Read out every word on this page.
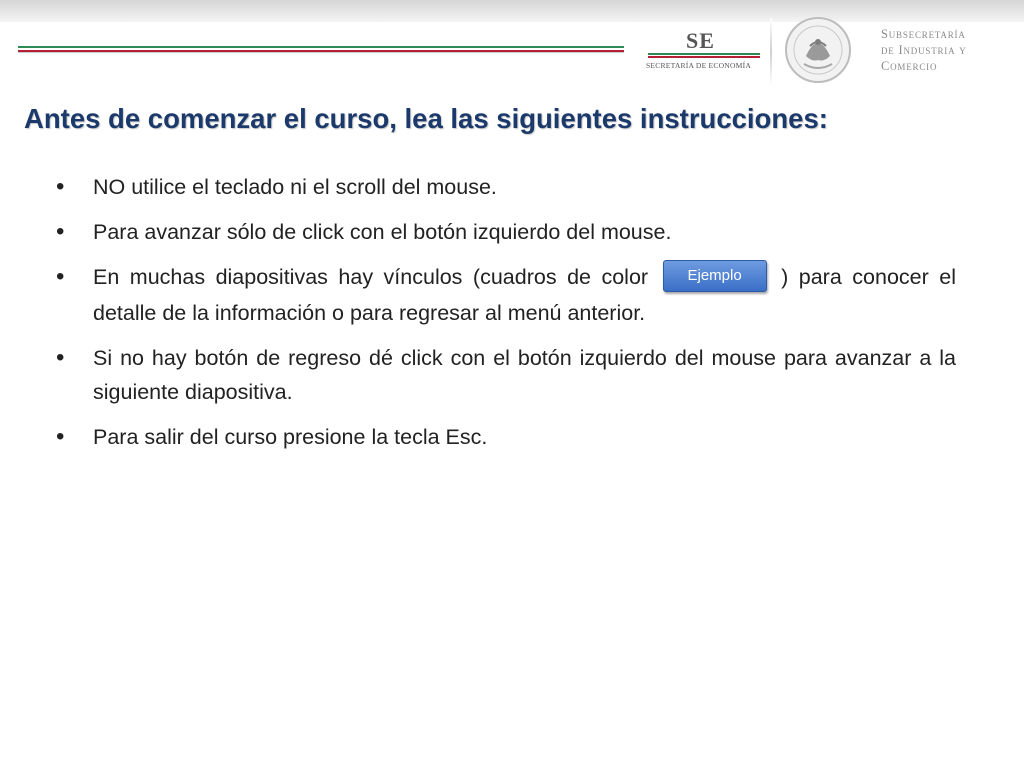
SE
SECRETARÍA DE ECONOMÍA
Subsecretaría
de Industria y
Comercio
Antes de comenzar el curso, lea las siguientes instrucciones:
• NO utilice el teclado ni el scroll del mouse.
• Para avanzar sólo de click con el botón izquierdo del mouse.
• En muchas diapositivas hay vínculos (cuadros de color	Ejemplo ) para conocer el detalle de la información o para regresar al menú anterior.
• Si no hay botón de regreso dé click con el botón izquierdo del mouse para avanzar a la siguiente diapositiva.
• Para salir del curso presione la tecla Esc.
